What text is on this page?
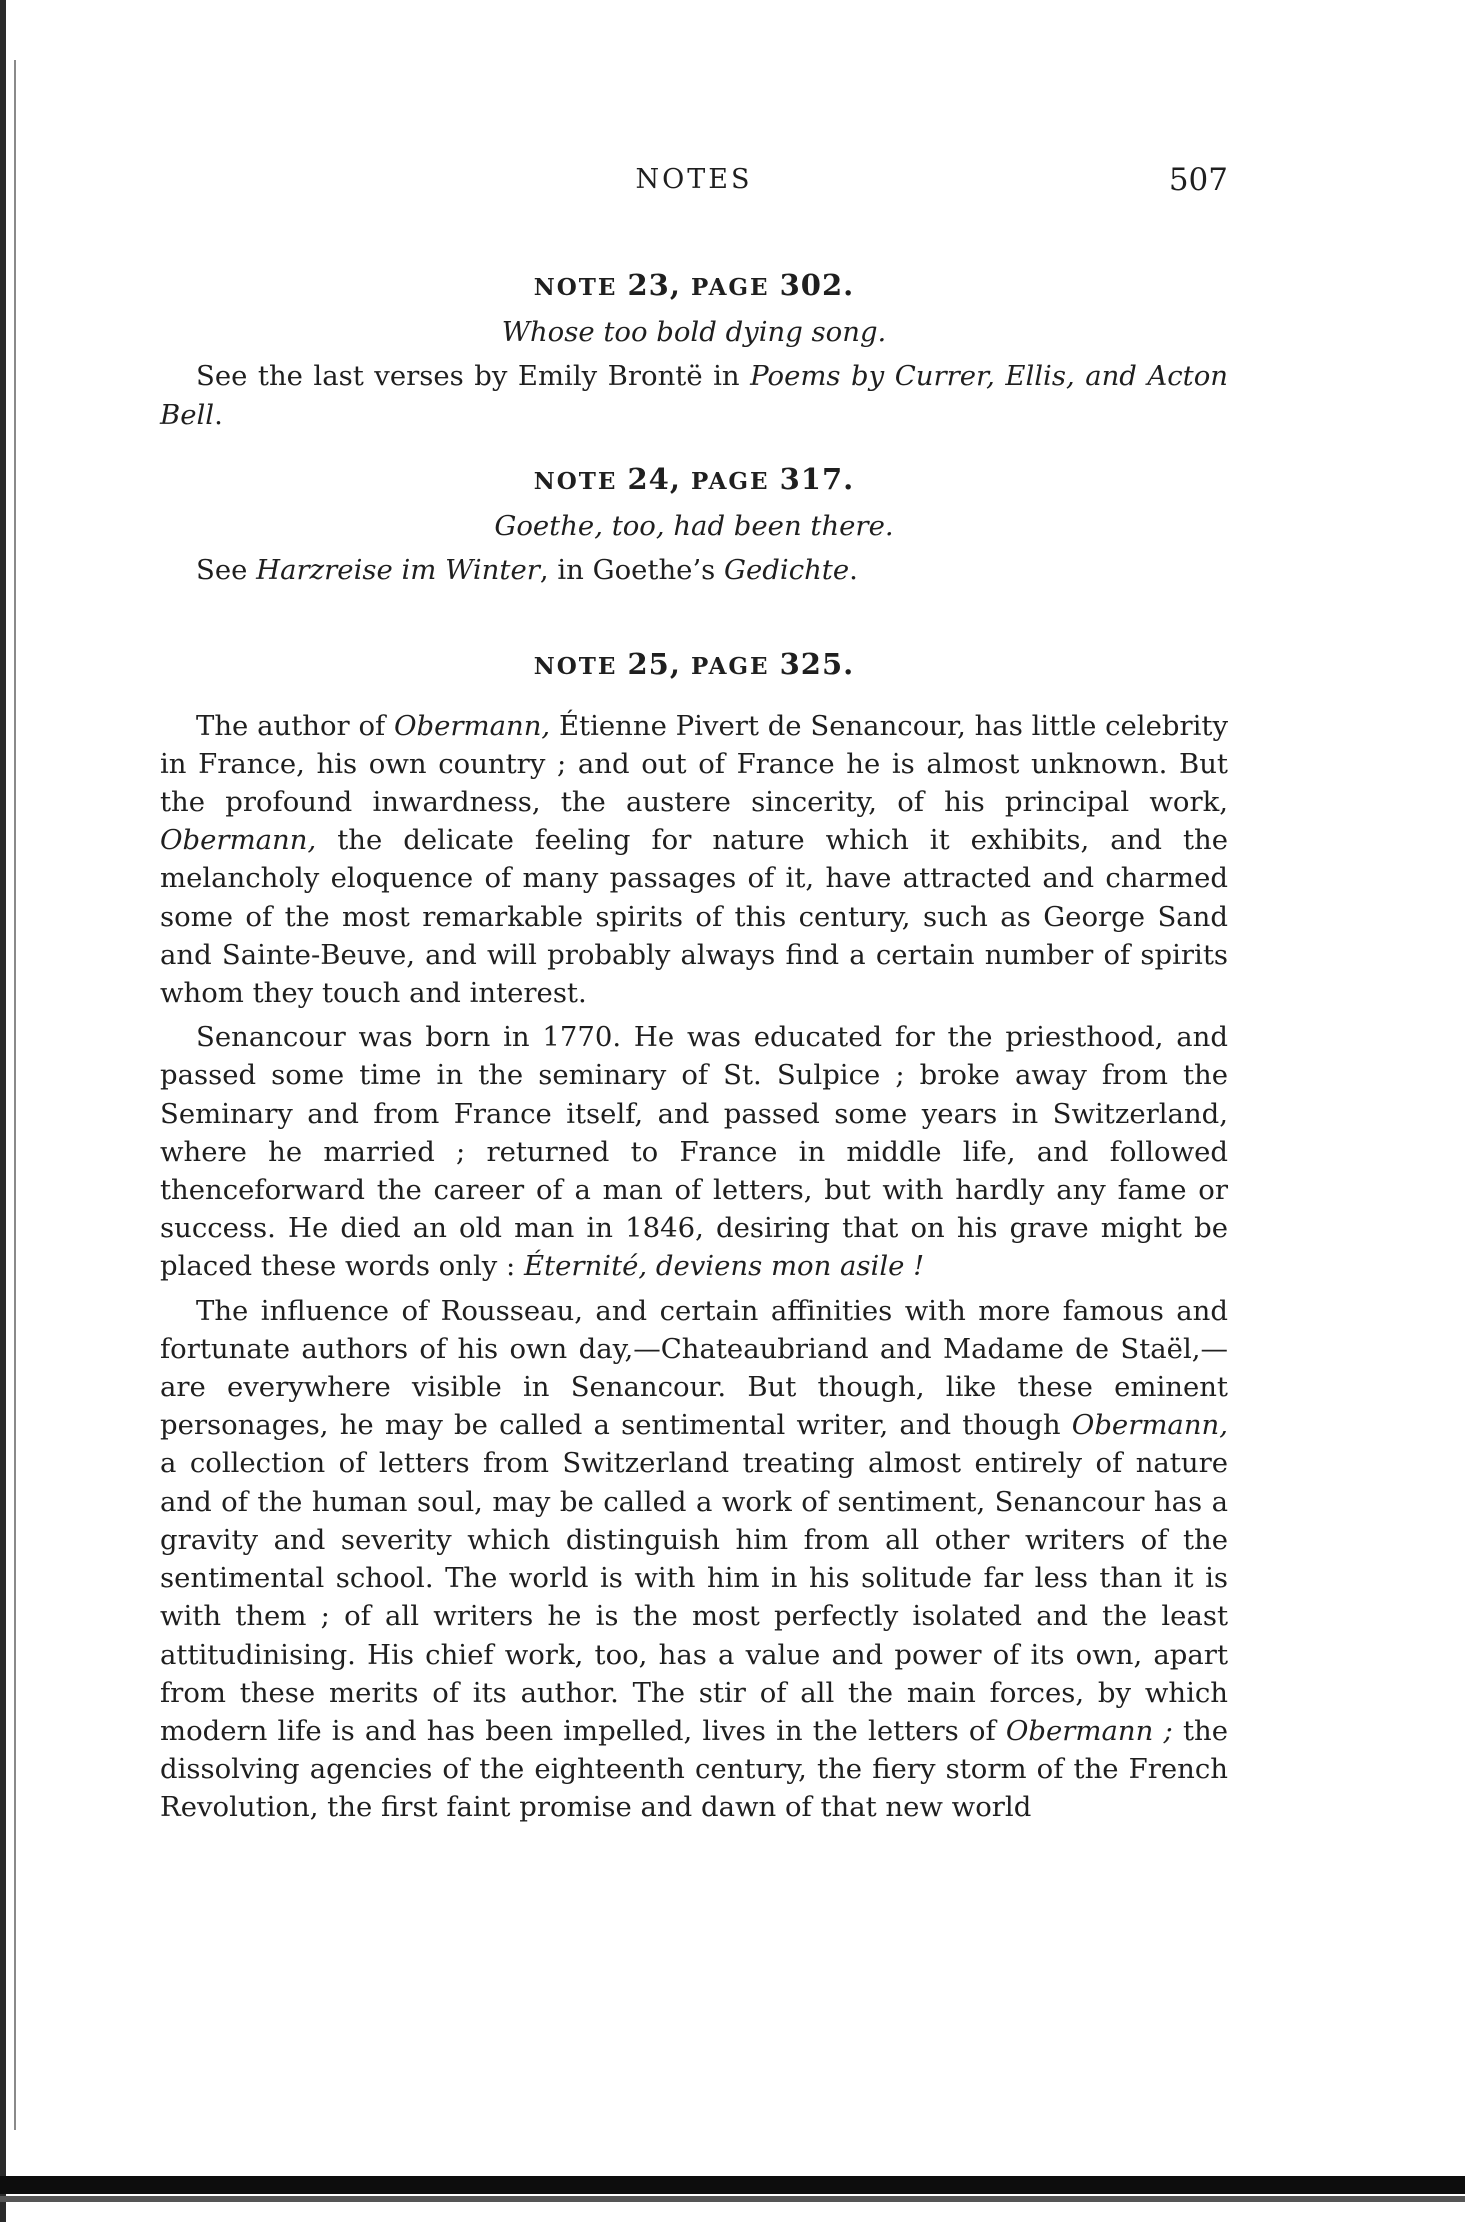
NOTES	507
NOTE 23, PAGE 302.
Whose too bold dying song.

See the last verses by Emily Brontë in Poems by Currer, Ellis, and Acton Bell.

NOTE 24, PAGE 317.
Goethe, too, had been there.

See Harzreise im Winter, in Goethe’s Gedichte.

NOTE 25, PAGE 325.

The author of Obermann, Étienne Pivert de Senancour, has little celebrity in France, his own country ; and out of France he is almost unknown. But the profound inwardness, the austere sincerity, of his principal work, Obermann, the delicate feeling for nature which it exhibits, and the melancholy eloquence of many passages of it, have attracted and charmed some of the most remarkable spirits of this century, such as George Sand and Sainte-Beuve, and will probably always find a certain number of spirits whom they touch and interest.

Senancour was born in 1770. He was educated for the priesthood, and passed some time in the seminary of St. Sulpice ; broke away from the Seminary and from France itself, and passed some years in Switzerland, where he married ; returned to France in middle life, and followed thenceforward the career of a man of letters, but with hardly any fame or success. He died an old man in 1846, desiring that on his grave might be placed these words only : Éternité, deviens mon asile !

The influence of Rousseau, and certain affinities with more famous and fortunate authors of his own day,—Chateaubriand and Madame de Staël,—are everywhere visible in Senancour. But though, like these eminent personages, he may be called a sentimental writer, and though Obermann, a collection of letters from Switzerland treating almost entirely of nature and of the human soul, may be called a work of sentiment, Senancour has a gravity and severity which distinguish him from all other writers of the sentimental school. The world is with him in his solitude far less than it is with them ; of all writers he is the most perfectly isolated and the least attitudinising. His chief work, too, has a value and power of its own, apart from these merits of its author. The stir of all the main forces, by which modern life is and has been impelled, lives in the letters of Obermann ; the dissolving agencies of the eighteenth century, the fiery storm of the French Revolution, the first faint promise and dawn of that new world
